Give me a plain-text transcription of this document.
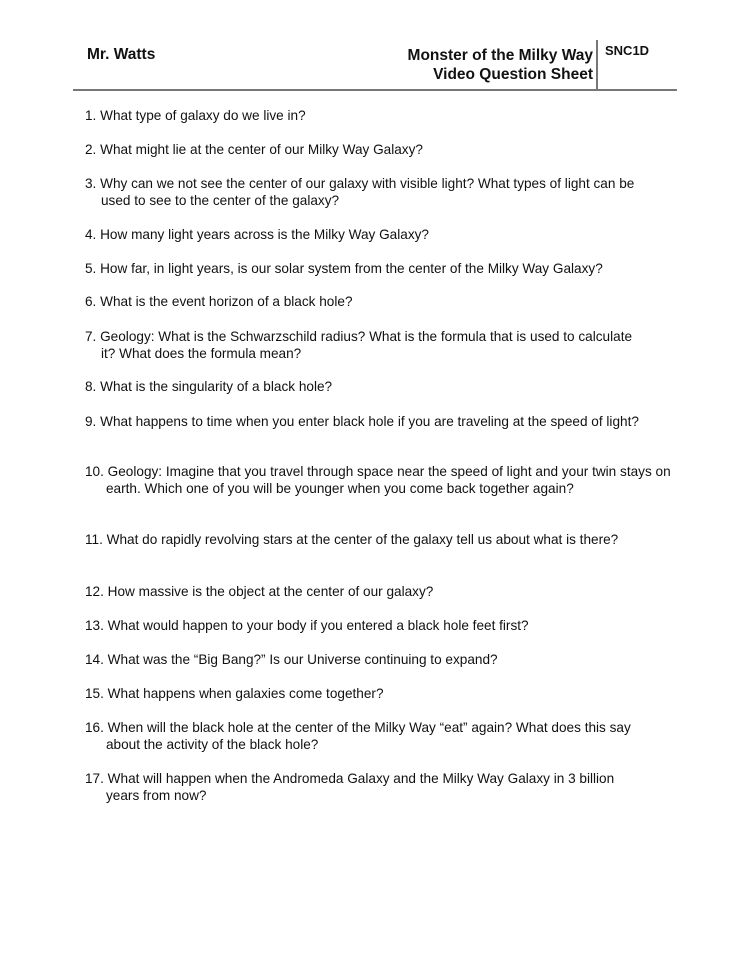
Mr. Watts	Monster of the Milky Way
Video Question Sheet
SNC1D
1. What type of galaxy do we live in?
2. What might lie at the center of our Milky Way Galaxy?
3. Why can we not see the center of our galaxy with visible light? What types of light can be used to see to the center of the galaxy?
4. How many light years across is the Milky Way Galaxy?
5. How far, in light years, is our solar system from the center of the Milky Way Galaxy?
6. What is the event horizon of a black hole?
7. Geology: What is the Schwarzschild radius? What is the formula that is used to calculate it? What does the formula mean?
8. What is the singularity of a black hole?
9. What happens to time when you enter black hole if you are traveling at the speed of light?
10. Geology: Imagine that you travel through space near the speed of light and your twin stays on earth. Which one of you will be younger when you come back together again?
11. What do rapidly revolving stars at the center of the galaxy tell us about what is there?
12. How massive is the object at the center of our galaxy?
13. What would happen to your body if you entered a black hole feet first?
14. What was the “Big Bang?” Is our Universe continuing to expand?
15. What happens when galaxies come together?
16. When will the black hole at the center of the Milky Way “eat” again? What does this say about the activity of the black hole?
17. What will happen when the Andromeda Galaxy and the Milky Way Galaxy in 3 billion years from now?
